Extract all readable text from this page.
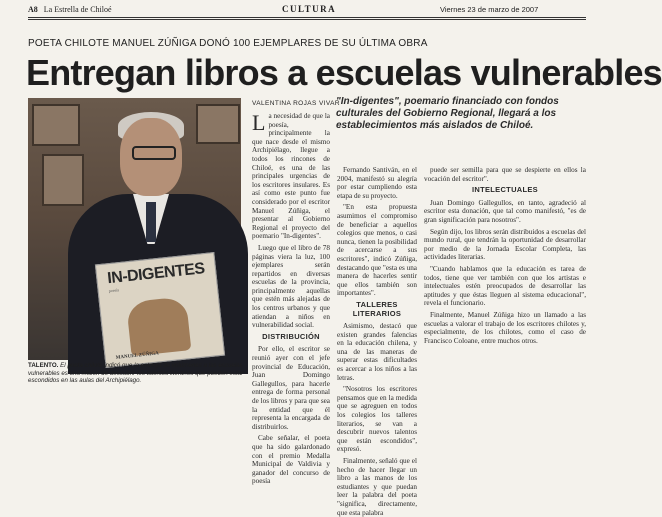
A8 La Estrella de Chiloé	CULTURA	Viernes 23 de marzo de 2007
POETA CHILOTE MANUEL ZÚÑIGA DONÓ 100 EJEMPLARES DE SU ÚLTIMA OBRA
Entregan libros a escuelas vulnerables
IN-DIGENTES
poesía
MANUEL ZÚÑIGA
TALENTO. El poeta chilote indicó que la entrega de volúmenes a las escuelas vulnerables es una misión de descubrir los talentos literarios que pueden estar escondidos en las aulas del Archipiélago.
"In-digentes", poemario financiado con fondos culturales del Gobierno Regional, llegará a los establecimientos más aislados de Chiloé.
VALENTINA ROJAS VIVAR

La necesidad de que la poesía, principalmente la que nace desde el mismo Archipiélago, llegue a todos los rincones de Chiloé, es una de las principales urgencias de los escritores insulares. Es así como este punto fue considerado por el escritor Manuel Zúñiga, el presentar al Gobierno Regional el proyecto del poemario "In-digentes".

Luego que el libro de 78 páginas viera la luz, 100 ejemplares serán repartidos en diversas escuelas de la provincia, principalmente aquellas que estén más alejadas de los centros urbanos y que atiendan a niños en vulnerabilidad social.

DISTRIBUCIÓN

Por ello, el escritor se reunió ayer con el jefe provincial de Educación, Juan Domingo Gallegullos, para hacerle entrega de forma personal de los libros y para que sea la entidad que él representa la encargada de distribuirlos.

Cabe señalar, el poeta que ha sido galardonado con el premio Medalla Municipal de Valdivia y ganador del concurso de poesía

Fernando Santiván, en el 2004, manifestó su alegría por estar cumpliendo esta etapa de su proyecto.

"En esta propuesta asumimos el compromiso de beneficiar a aquellos colegios que menos, o casi nunca, tienen la posibilidad de acercarse a sus escritores", indicó Zúñiga, destacando que "esta es una manera de hacerles sentir que ellos también son importantes".

TALLERES LITERARIOS

Asimismo, destacó que existen grandes falencias en la educación chilena, y una de las maneras de superar estas dificultades es acercar a los niños a las letras.

"Nosotros los escritores pensamos que en la medida que se agreguen en todos los colegios los talleres literarios, se van a descubrir nuevos talentos que están escondidos", expresó.

Finalmente, señaló que el hecho de hacer llegar un libro a las manos de los estudiantes y que puedan leer la palabra del poeta "significa, directamente, que esta palabra

puede ser semilla para que se despierte en ellos la vocación del escritor".

INTELECTUALES

Juan Domingo Gallegullos, en tanto, agradeció al escritor esta donación, que tal como manifestó, "es de gran significación para nosotros".

Según dijo, los libros serán distribuidos a escuelas del mundo rural, que tendrán la oportunidad de desarrollar por medio de la Jornada Escolar Completa, las actividades literarias.

"Cuando hablamos que la educación es tarea de todos, tiene que ver también con que los artistas e intelectuales estén preocupados de desarrollar las aptitudes y que éstas lleguen al sistema educacional", revela el funcionario.

Finalmente, Manuel Zúñiga hizo un llamado a las escuelas a valorar el trabajo de los escritores chilotes y, especialmente, de los chilotes, como el caso de Francisco Coloane, entre muchos otros.
